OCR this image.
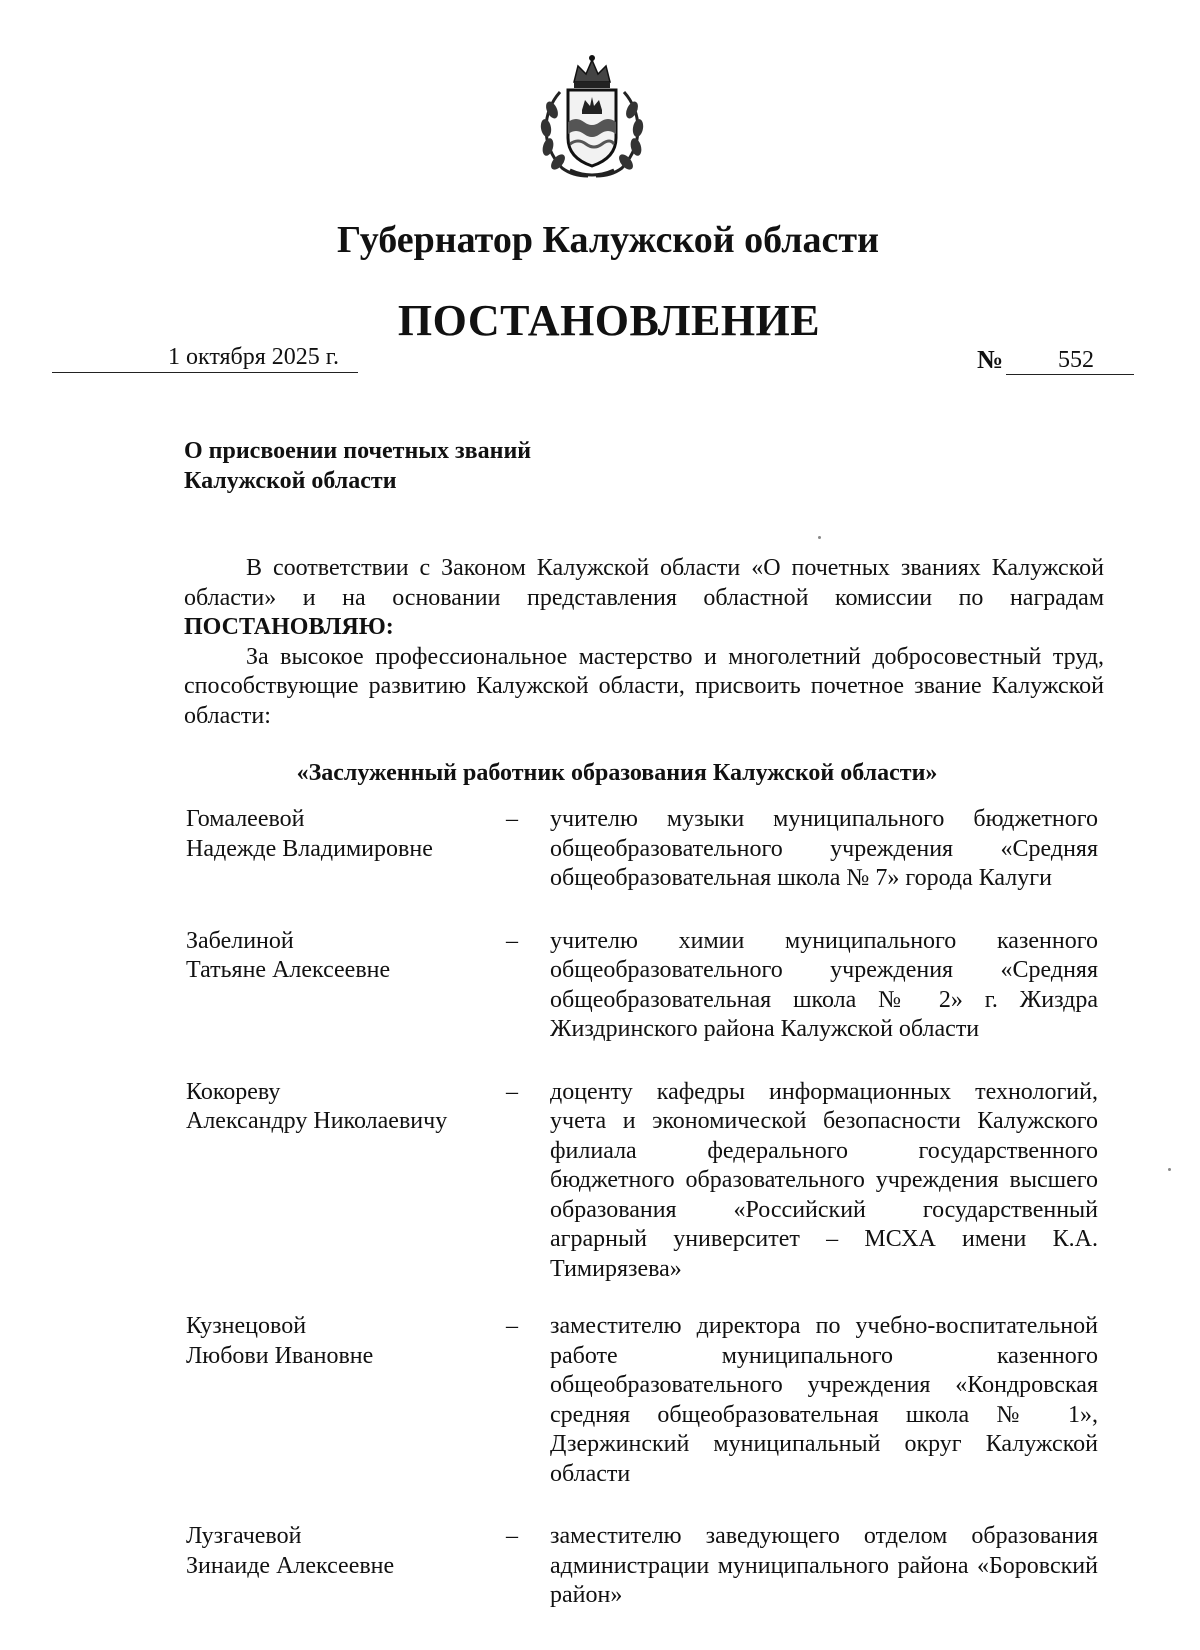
Губернатор Калужской области
ПОСТАНОВЛЕНИЕ
1 октября 2025 г.	№ 552
О присвоении почетных званий
Калужской области

В соответствии с Законом Калужской области «О почетных званиях Калужской области» и на основании представления областной комиссии по наградам ПОСТАНОВЛЯЮ:

За высокое профессиональное мастерство и многолетний добросовестный труд, способствующие развитию Калужской области, присвоить почетное звание Калужской области:

«Заслуженный работник образования Калужской области»
Гомалеевой
Надежде Владимировне
–	учителю музыки муниципального бюджетного общеобразовательного учреждения «Средняя общеобразовательная школа № 7» города Калуги
Забелиной
Татьяне Алексеевне
–	учителю химии муниципального казенного общеобразовательного учреждения «Средняя общеобразовательная школа № 2» г. Жиздра Жиздринского района Калужской области
Кокореву
Александру Николаевичу
–	доценту кафедры информационных технологий, учета и экономической безопасности Калужского филиала федерального государственного бюджетного образовательного учреждения высшего образования «Российский государственный аграрный университет – МСХА имени К.А. Тимирязева»
Кузнецовой
Любови Ивановне
–	заместителю директора по учебно-воспитательной работе муниципального казенного общеобразовательного учреждения «Кондровская средняя общеобразовательная школа № 1», Дзержинский муниципальный округ Калужской области
Лузгачевой
Зинаиде Алексеевне
–	заместителю заведующего отделом образования администрации муниципального района «Боровский район»
